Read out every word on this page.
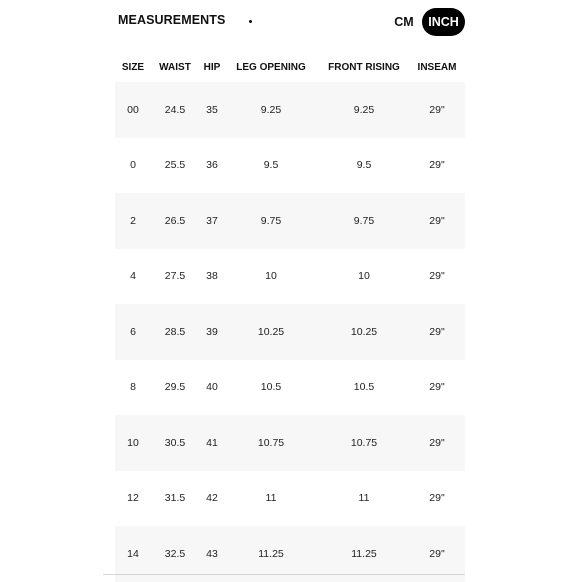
MEASUREMENTS	CM	INCH
SIZE	WAIST	HIP	LEG OPENING	FRONT RISING	INSEAM
00	24.5	35	9.25	9.25	29"
0	25.5	36	9.5	9.5	29"
2	26.5	37	9.75	9.75	29"
4	27.5	38	10	10	29"
6	28.5	39	10.25	10.25	29"
8	29.5	40	10.5	10.5	29"
10	30.5	41	10.75	10.75	29"
12	31.5	42	11	11	29"
14	32.5	43	11.25	11.25	29"
